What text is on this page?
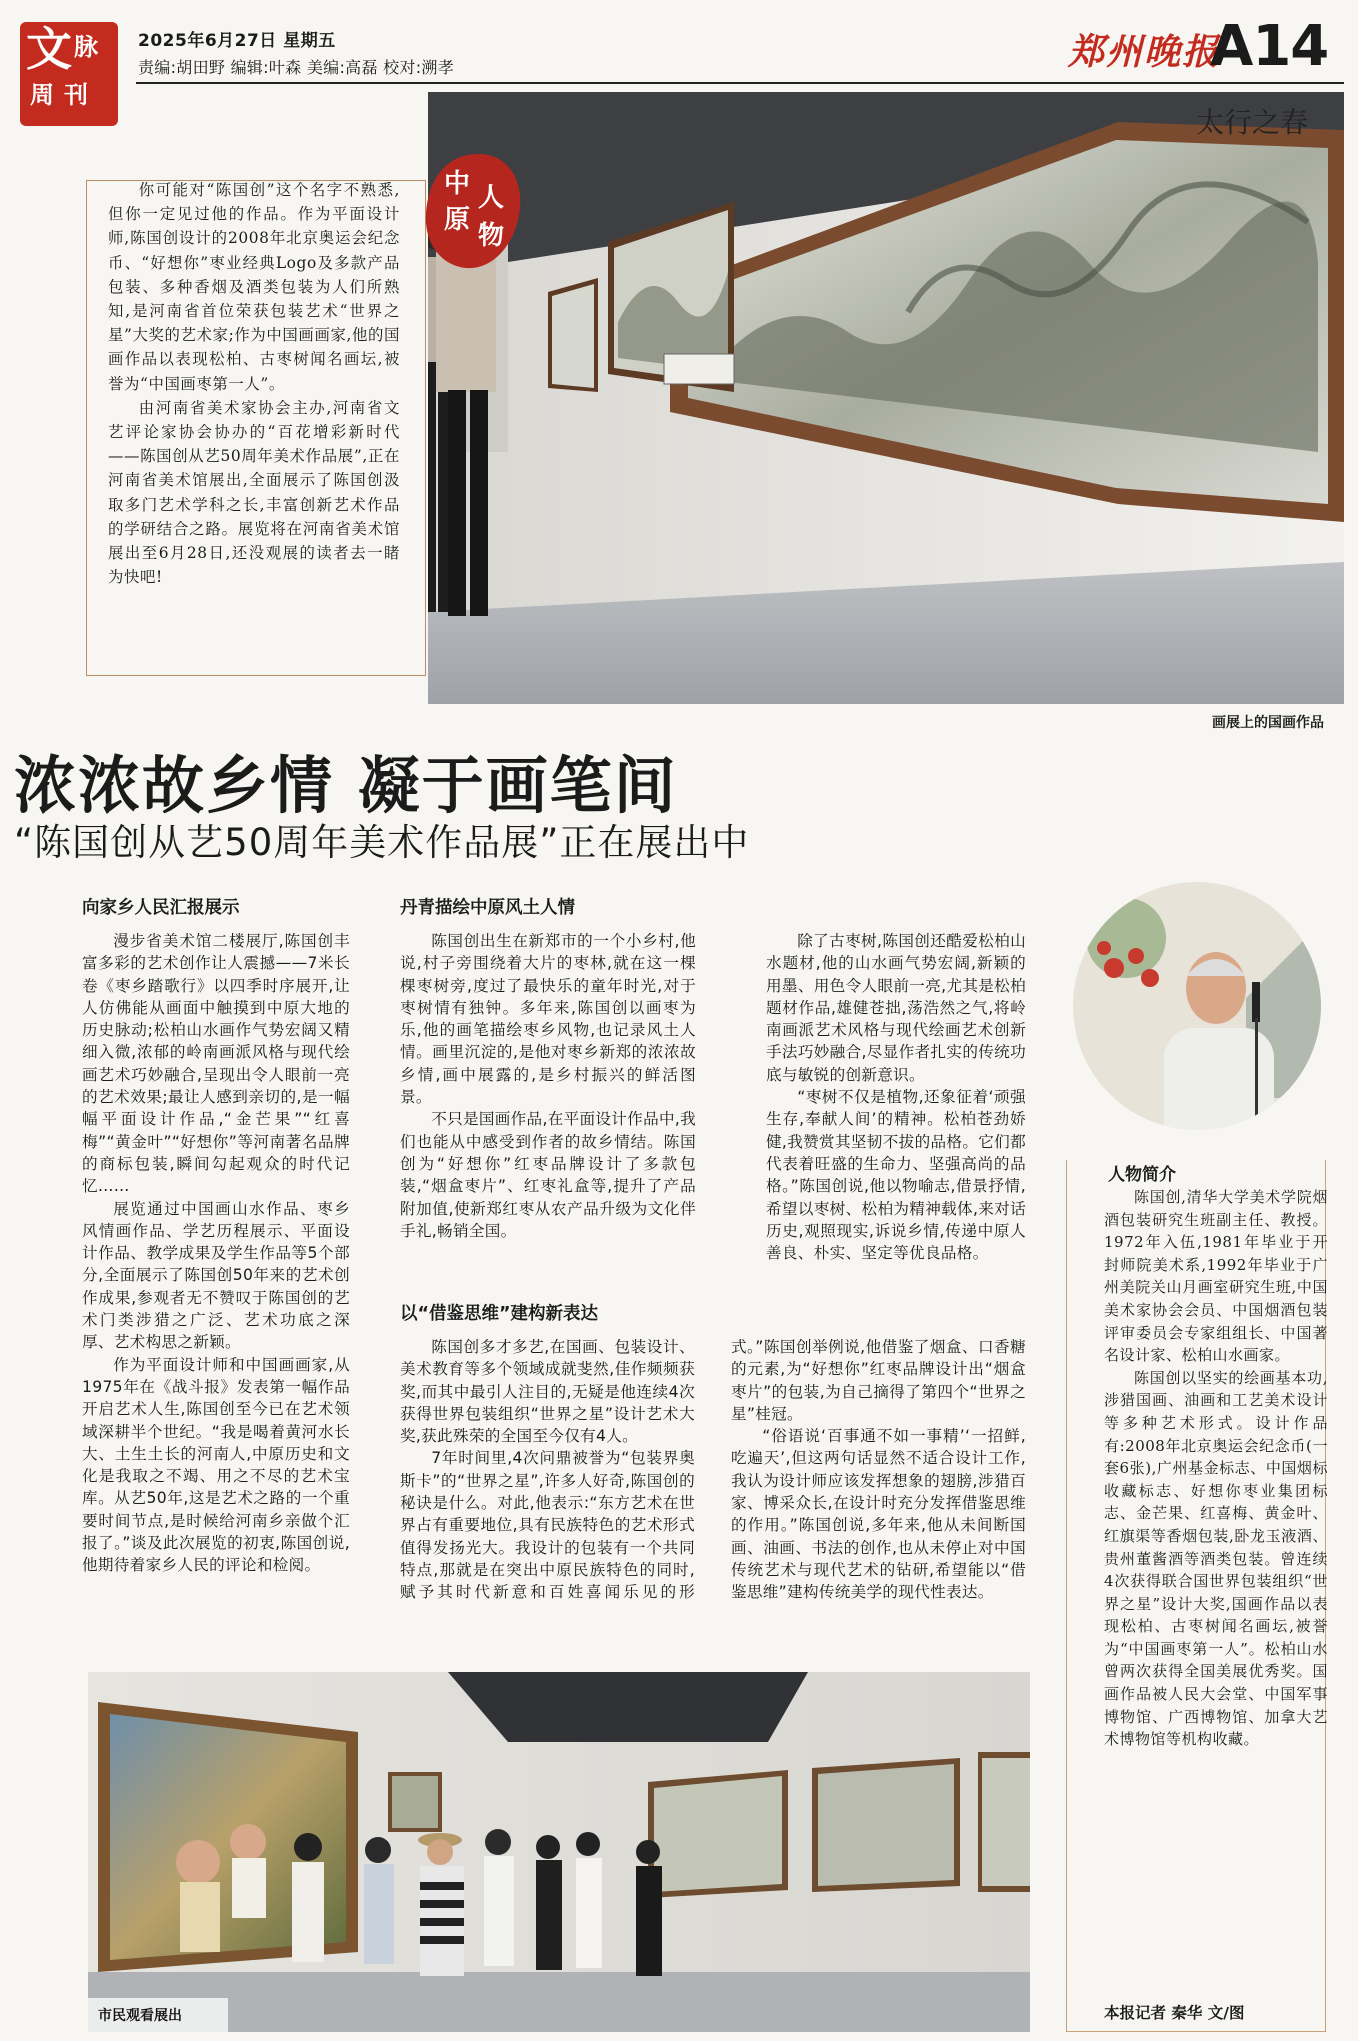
文 脉
周 刊
2025年6月27日 星期五
责编:胡田野 编辑:叶森 美编:高磊 校对:溯孝	郑州晚报
A14
太行之春
画展上的国画作品

你可能对“陈国创”这个名字不熟悉,但你一定见过他的作品。作为平面设计师,陈国创设计的2008年北京奥运会纪念币、“好想你”枣业经典Logo及多款产品包装、多种香烟及酒类包装为人们所熟知,是河南省首位荣获包装艺术“世界之星”大奖的艺术家;作为中国画画家,他的国画作品以表现松柏、古枣树闻名画坛,被誉为“中国画枣第一人”。

由河南省美术家协会主办,河南省文艺评论家协会协办的“百花增彩新时代——陈国创从艺50周年美术作品展”,正在河南省美术馆展出,全面展示了陈国创汲取多门艺术学科之长,丰富创新艺术作品的学研结合之路。展览将在河南省美术馆展出至6月28日,还没观展的读者去一睹为快吧!

中 人
原
物
浓浓故乡情 凝于画笔间
“陈国创从艺50周年美术作品展”正在展出中
向家乡人民汇报展示

漫步省美术馆二楼展厅,陈国创丰富多彩的艺术创作让人震撼——7米长卷《枣乡踏歌行》以四季时序展开,让人仿佛能从画面中触摸到中原大地的历史脉动;松柏山水画作气势宏阔又精细入微,浓郁的岭南画派风格与现代绘画艺术巧妙融合,呈现出令人眼前一亮的艺术效果;最让人感到亲切的,是一幅幅平面设计作品,“金芒果”“红喜梅”“黄金叶”“好想你”等河南著名品牌的商标包装,瞬间勾起观众的时代记忆……

展览通过中国画山水作品、枣乡风情画作品、学艺历程展示、平面设计作品、教学成果及学生作品等5个部分,全面展示了陈国创50年来的艺术创作成果,参观者无不赞叹于陈国创的艺术门类涉猎之广泛、艺术功底之深厚、艺术构思之新颖。

作为平面设计师和中国画画家,从1975年在《战斗报》发表第一幅作品开启艺术人生,陈国创至今已在艺术领域深耕半个世纪。“我是喝着黄河水长大、土生土长的河南人,中原历史和文化是我取之不竭、用之不尽的艺术宝库。从艺50年,这是艺术之路的一个重要时间节点,是时候给河南乡亲做个汇报了。”谈及此次展览的初衷,陈国创说,他期待着家乡人民的评论和检阅。

丹青描绘中原风土人情

陈国创出生在新郑市的一个小乡村,他说,村子旁围绕着大片的枣林,就在这一棵棵枣树旁,度过了最快乐的童年时光,对于枣树情有独钟。多年来,陈国创以画枣为乐,他的画笔描绘枣乡风物,也记录风土人情。画里沉淀的,是他对枣乡新郑的浓浓故乡情,画中展露的,是乡村振兴的鲜活图景。

不只是国画作品,在平面设计作品中,我们也能从中感受到作者的故乡情结。陈国创为“好想你”红枣品牌设计了多款包装,“烟盒枣片”、红枣礼盒等,提升了产品附加值,使新郑红枣从农产品升级为文化伴手礼,畅销全国。

除了古枣树,陈国创还酷爱松柏山水题材,他的山水画气势宏阔,新颖的用墨、用色令人眼前一亮,尤其是松柏题材作品,雄健苍拙,荡浩然之气,将岭南画派艺术风格与现代绘画艺术创新手法巧妙融合,尽显作者扎实的传统功底与敏锐的创新意识。

“枣树不仅是植物,还象征着‘顽强生存,奉献人间’的精神。松柏苍劲娇健,我赞赏其坚韧不拔的品格。它们都代表着旺盛的生命力、坚强高尚的品格。”陈国创说,他以物喻志,借景抒情,希望以枣树、松柏为精神载体,来对话历史,观照现实,诉说乡情,传递中原人善良、朴实、坚定等优良品格。

以“借鉴思维”建构新表达

陈国创多才多艺,在国画、包装设计、美术教育等多个领域成就斐然,佳作频频获奖,而其中最引人注目的,无疑是他连续4次获得世界包装组织“世界之星”设计艺术大奖,获此殊荣的全国至今仅有4人。

7年时间里,4次问鼎被誉为“包装界奥斯卡”的“世界之星”,许多人好奇,陈国创的秘诀是什么。对此,他表示:“东方艺术在世界占有重要地位,具有民族特色的艺术形式值得发扬光大。我设计的包装有一个共同特点,那就是在突出中原民族特色的同时,赋予其时代新意和百姓喜闻乐见的形式。”陈国创举例说,他借鉴了烟盒、口香糖的元素,为“好想你”红枣品牌设计出“烟盒枣片”的包装,为自己摘得了第四个“世界之星”桂冠。

“俗语说‘百事通不如一事精’‘一招鲜,吃遍天’,但这两句话显然不适合设计工作,我认为设计师应该发挥想象的翅膀,涉猎百家、博采众长,在设计时充分发挥借鉴思维的作用。”陈国创说,多年来,他从未间断国画、油画、书法的创作,也从未停止对中国传统艺术与现代艺术的钻研,希望能以“借鉴思维”建构传统美学的现代性表达。

人物简介

陈国创,清华大学美术学院烟酒包装研究生班副主任、教授。1972年入伍,1981年毕业于开封师院美术系,1992年毕业于广州美院关山月画室研究生班,中国美术家协会会员、中国烟酒包装评审委员会专家组组长、中国著名设计家、松柏山水画家。

陈国创以坚实的绘画基本功,涉猎国画、油画和工艺美术设计等多种艺术形式。设计作品有:2008年北京奥运会纪念币(一套6张),广州基金标志、中国烟标收藏标志、好想你枣业集团标志、金芒果、红喜梅、黄金叶、红旗渠等香烟包装,卧龙玉液酒、贵州董酱酒等酒类包装。曾连续4次获得联合国世界包装组织“世界之星”设计大奖,国画作品以表现松柏、古枣树闻名画坛,被誉为“中国画枣第一人”。松柏山水曾两次获得全国美展优秀奖。国画作品被人民大会堂、中国军事博物馆、广西博物馆、加拿大艺术博物馆等机构收藏。

本报记者 秦华 文/图
市民观看展出
